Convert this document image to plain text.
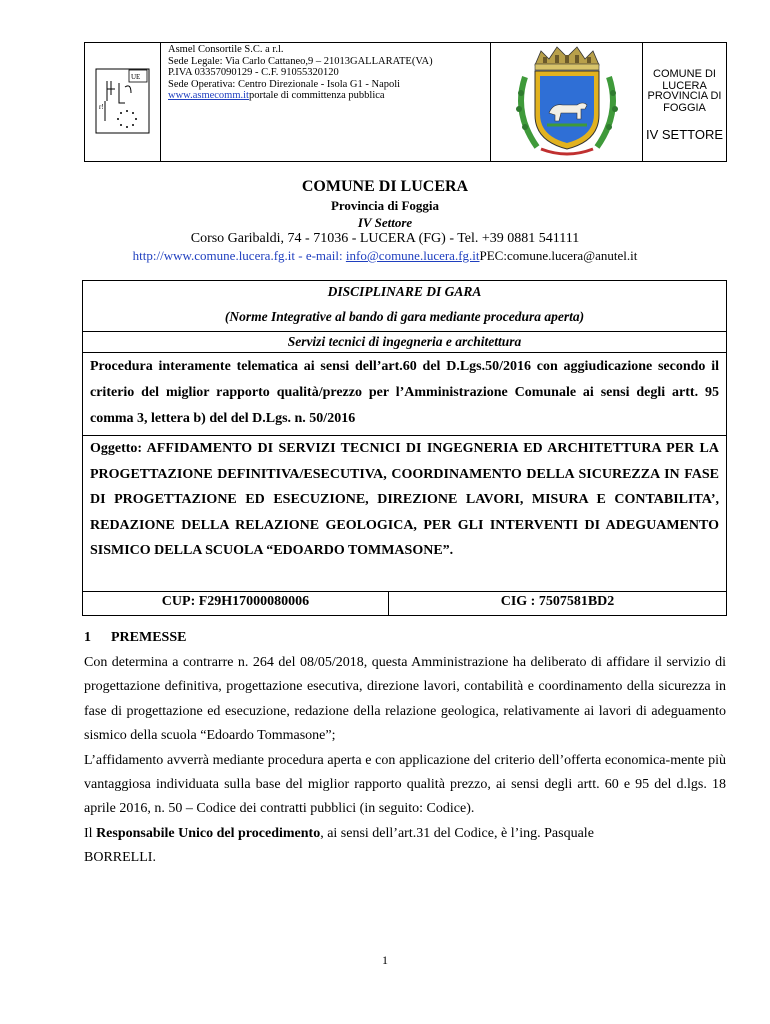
UE
r!
Asmel Consortile S.C. a r.l.
Sede Legale: Via Carlo Cattaneo,9 – 21013GALLARATE(VA)
P.IVA 03357090129 - C.F. 91055320120
Sede Operativa: Centro Direzionale - Isola G1 - Napoli
www.asmecomm.itportale di committenza pubblica
COMUNE DI LUCERA
PROVINCIA DI FOGGIA
IV SETTORE
COMUNE DI LUCERA
Provincia di Foggia
IV Settore
Corso Garibaldi, 74 - 71036 - LUCERA (FG) - Tel. +39 0881 541111
http://www.comune.lucera.fg.it - e-mail: info@comune.lucera.fg.itPEC:comune.lucera@anutel.it
DISCIPLINARE DI GARA
(Norme Integrative al bando di gara mediante procedura aperta)
Servizi tecnici di ingegneria e architettura
Procedura interamente telematica ai sensi dell’art.60 del D.Lgs.50/2016 con aggiudicazione secondo il criterio del miglior rapporto qualità/prezzo per l’Amministrazione Comunale ai sensi degli artt. 95 comma 3, lettera b) del del D.Lgs. n. 50/2016
Oggetto: AFFIDAMENTO DI SERVIZI TECNICI DI INGEGNERIA ED ARCHITETTURA PER LA PROGETTAZIONE DEFINITIVA/ESECUTIVA, COORDINAMENTO DELLA SICUREZZA IN FASE DI PROGETTAZIONE ED ESECUZIONE, DIREZIONE LAVORI, MISURA E CONTABILITA’, REDAZIONE DELLA RELAZIONE GEOLOGICA, PER GLI INTERVENTI DI ADEGUAMENTO SISMICO DELLA SCUOLA “EDOARDO TOMMASONE”.
CUP: F29H17000080006	CIG : 7507581BD2
1 PREMESSE

Con determina a contrarre n. 264 del 08/05/2018, questa Amministrazione ha deliberato di affidare il servizio di progettazione definitiva, progettazione esecutiva, direzione lavori, contabilità e coordinamento della sicurezza in fase di progettazione ed esecuzione, redazione della relazione geologica, relativamente ai lavori di adeguamento sismico della scuola “Edoardo Tommasone”;

L’affidamento avverrà mediante procedura aperta e con applicazione del criterio dell’offerta economica-mente più vantaggiosa individuata sulla base del miglior rapporto qualità prezzo, ai sensi degli artt. 60 e 95 del d.lgs. 18 aprile 2016, n. 50 – Codice dei contratti pubblici (in seguito: Codice).

Il Responsabile Unico del procedimento, ai sensi dell’art.31 del Codice, è l’ing. Pasquale

BORRELLI.

1
